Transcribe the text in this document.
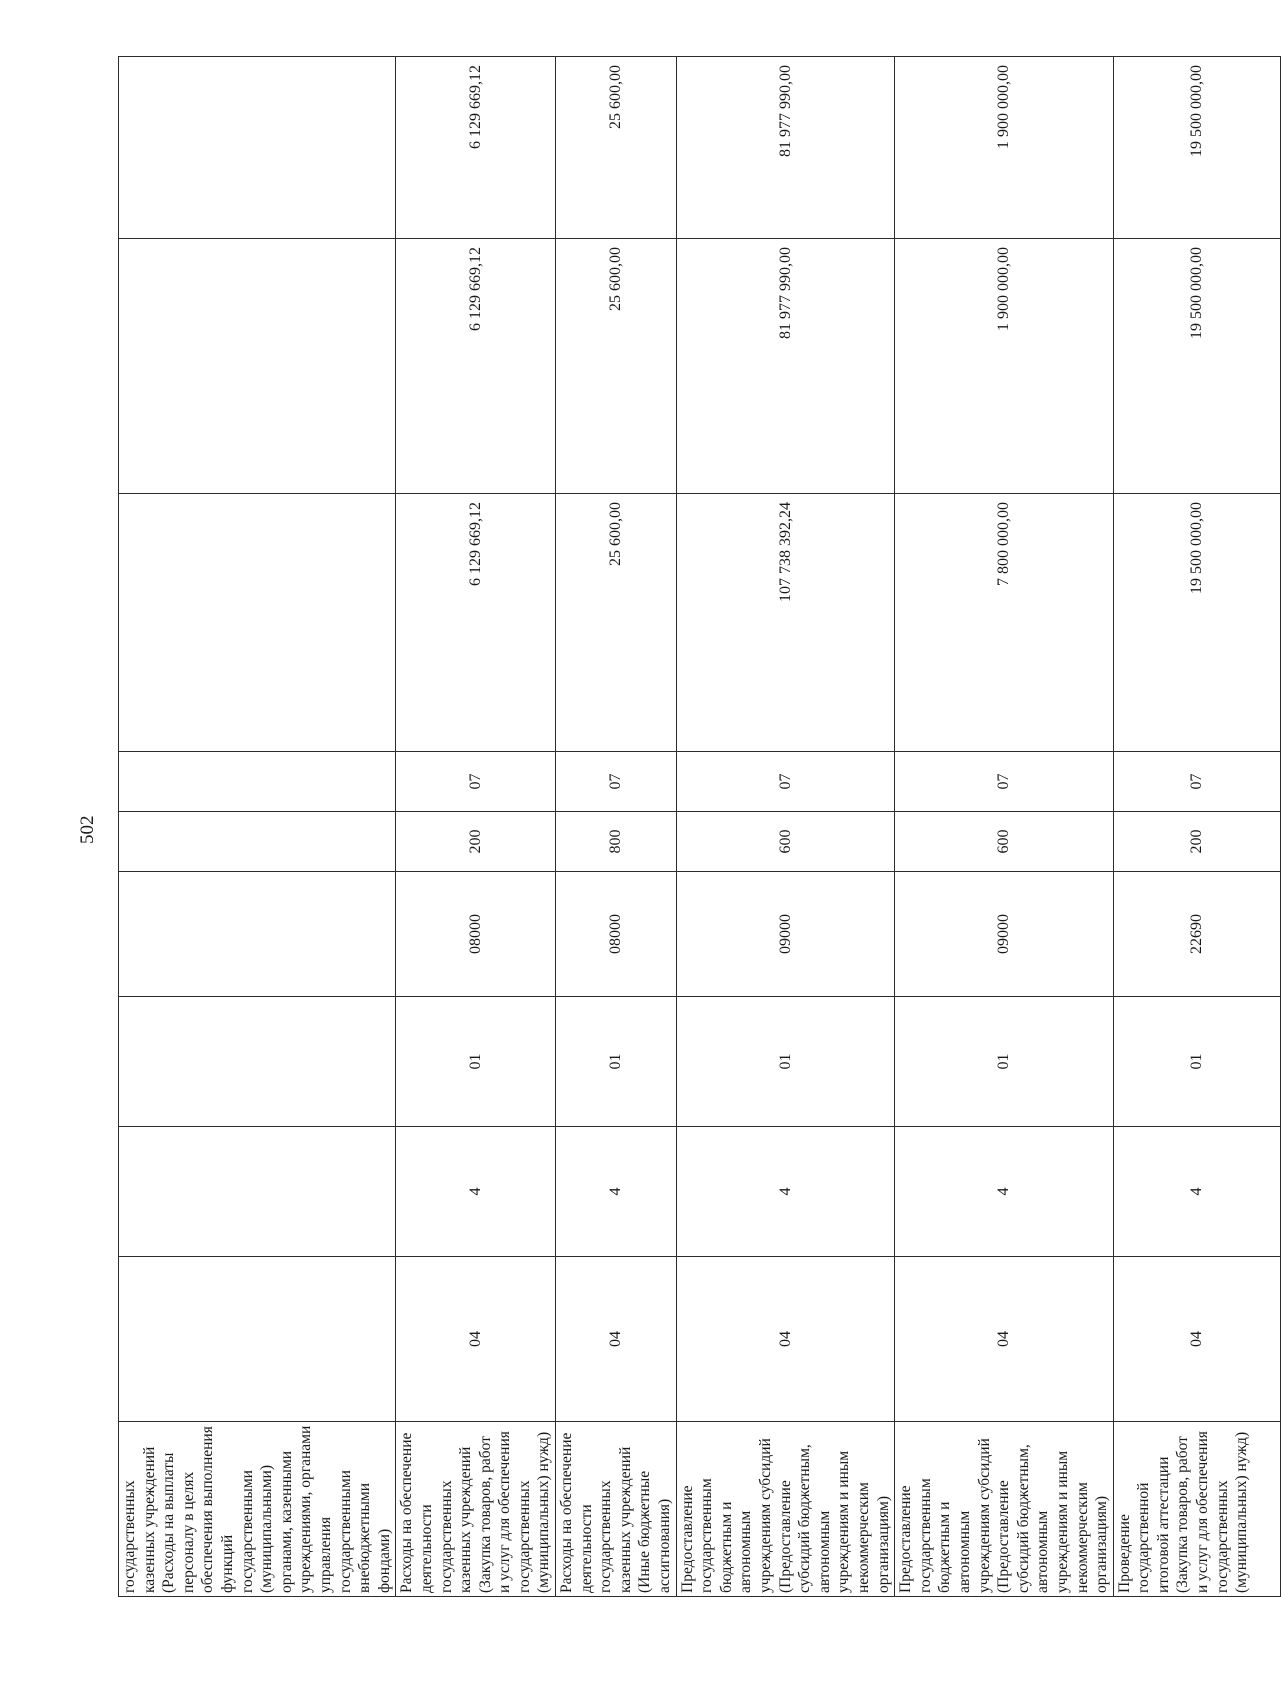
502
государственных казенных учреждений (Расходы на выплаты персоналу в целях обеспечения выполнения функций государственными (муниципальными) органами, казенными учреждениями, органами управления государственными внебюджетными фондами)									
Расходы на обеспечение деятельности государственных казенных учреждений (Закупка товаров, работ и услуг для обеспечения государственных (муниципальных) нужд)	04	4	01	08000	200	07	6 129 669,12	6 129 669,12	6 129 669,12
Расходы на обеспечение деятельности государственных казенных учреждений (Иные бюджетные ассигнования)	04	4	01	08000	800	07	25 600,00	25 600,00	25 600,00
Предоставление государственным бюджетным и автономным учреждениям субсидий (Предоставление субсидий бюджетным, автономным учреждениям и иным некоммерческим организациям)	04	4	01	09000	600	07	107 738 392,24	81 977 990,00	81 977 990,00
Предоставление государственным бюджетным и автономным учреждениям субсидий (Предоставление субсидий бюджетным, автономным учреждениям и иным некоммерческим организациям)	04	4	01	09000	600	07	7 800 000,00	1 900 000,00	1 900 000,00
Проведение государственной итоговой аттестации (Закупка товаров, работ и услуг для обеспечения государственных (муниципальных) нужд)	04	4	01	22690	200	07	19 500 000,00	19 500 000,00	19 500 000,00
